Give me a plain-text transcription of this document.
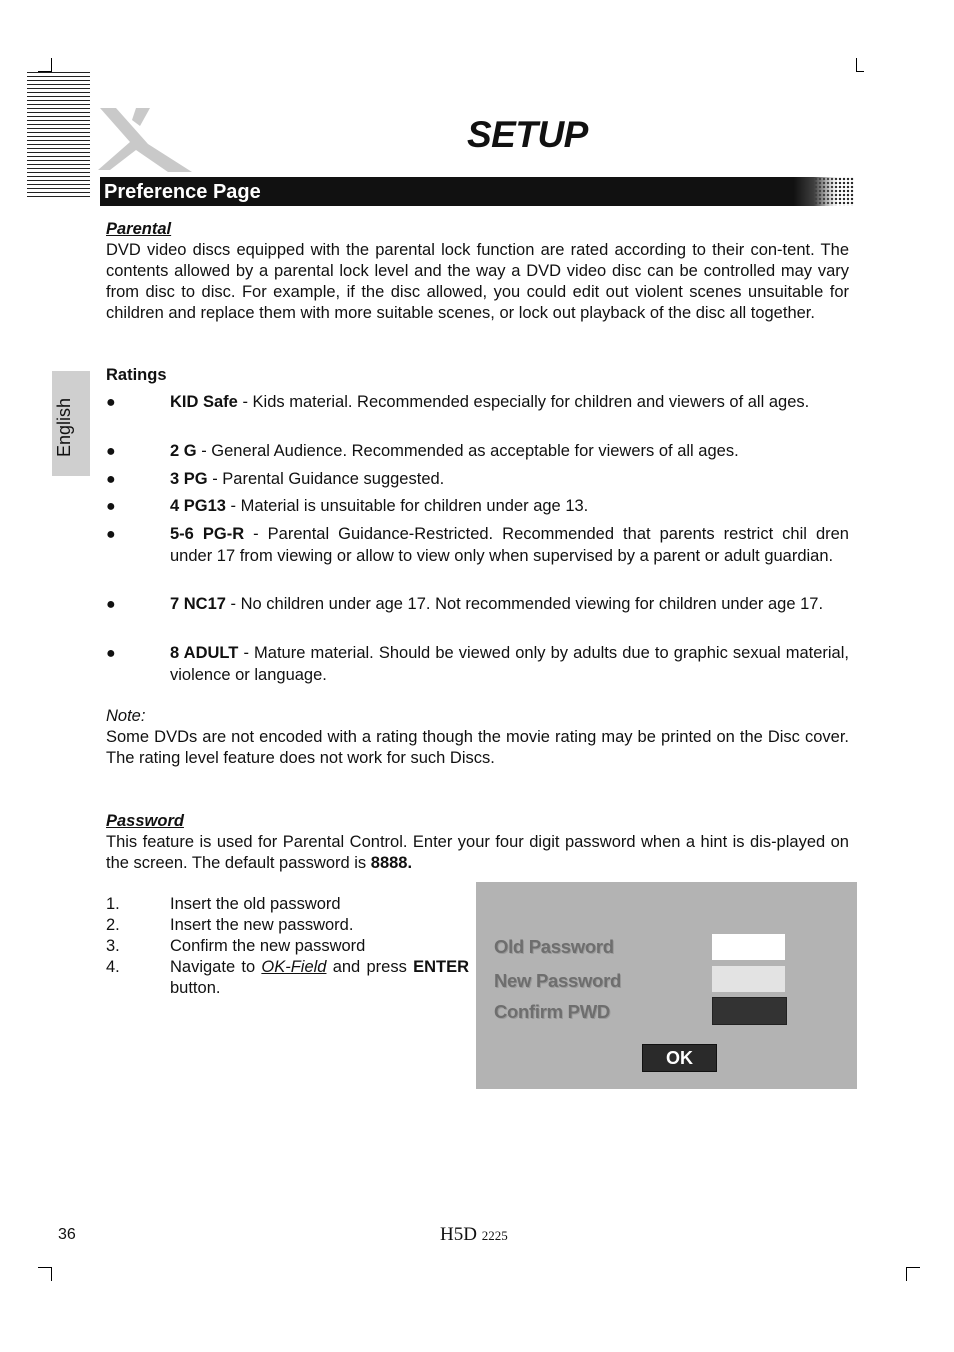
SETUP
Preference Page
English
Parental
DVD video discs equipped with the parental lock function are rated according to their con-tent. The contents allowed by a parental lock level and the way a DVD video disc can be controlled may vary from disc to disc. For example, if the disc allowed, you could edit out violent scenes unsuitable for children and replace them with more suitable scenes, or lock out playback of the disc all together.
Ratings
●	KID Safe - Kids material. Recommended especially for children and viewers of all ages.
●	2 G - General Audience. Recommended as acceptable for viewers of all ages.
●	3 PG - Parental Guidance suggested.
●	4 PG13 - Material is unsuitable for children under age 13.
●	5-6 PG-R - Parental Guidance-Restricted. Recommended that parents restrict chil dren under 17 from viewing or allow to view only when supervised by a parent or adult guardian.
●	7 NC17 - No children under age 17. Not recommended viewing for children under age 17.
●	8 ADULT - Mature material. Should be viewed only by adults due to graphic sexual material, violence or language.
Note:
Some DVDs are not encoded with a rating though the movie rating may be printed on the Disc cover. The rating level feature does not work for such Discs.
Password
This feature is used for Parental Control. Enter your four digit password when a hint is dis-played on the screen. The default password is 8888.
1.	Insert the old password
2.	Insert the new password.
3.	Confirm the new password
4.	Navigate to OK-Field and press ENTER button.
Old Password
New Password
Confirm PWD
OK
36	H5D 2225
